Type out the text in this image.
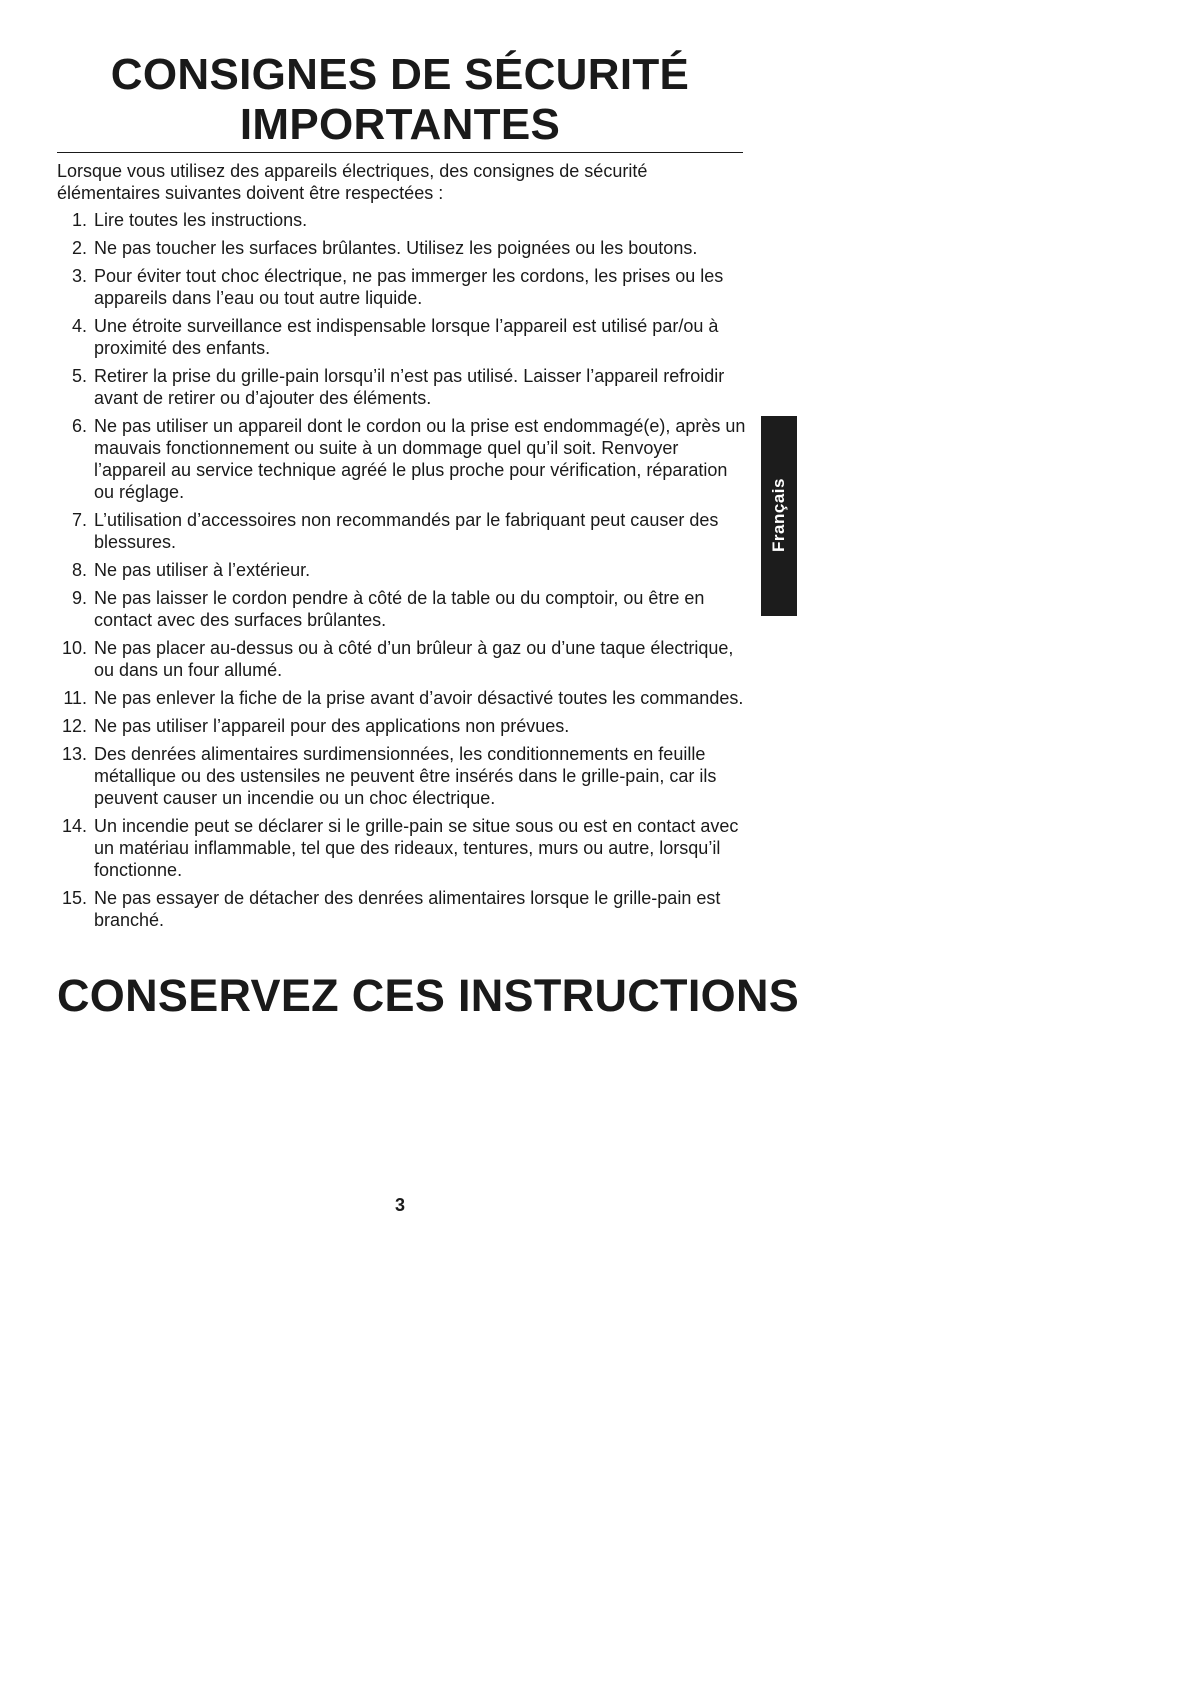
CONSIGNES DE SÉCURITÉ
IMPORTANTES

Lorsque vous utilisez des appareils électriques, des consignes de sécurité élémentaires suivantes doivent être respectées :

1. Lire toutes les instructions.
2. Ne pas toucher les surfaces brûlantes. Utilisez les poignées ou les boutons.
3. Pour éviter tout choc électrique, ne pas immerger les cordons, les prises ou les appareils dans l’eau ou tout autre liquide.
4. Une étroite surveillance est indispensable lorsque l’appareil est utilisé par/ou à proximité des enfants.
5. Retirer la prise du grille-pain lorsqu’il n’est pas utilisé. Laisser l’appareil refroidir avant de retirer ou d’ajouter des éléments.
6. Ne pas utiliser un appareil dont le cordon ou la prise est endommagé(e), après un mauvais fonctionnement ou suite à un dommage quel qu’il soit. Renvoyer l’appareil au service technique agréé le plus proche pour vérification, réparation ou réglage.
7. L’utilisation d’accessoires non recommandés par le fabriquant peut causer des blessures.
8. Ne pas utiliser à l’extérieur.
9. Ne pas laisser le cordon pendre à côté de la table ou du comptoir, ou être en contact avec des surfaces brûlantes.
10. Ne pas placer au-dessus ou à côté d’un brûleur à gaz ou d’une taque électrique, ou dans un four allumé.
11. Ne pas enlever la fiche de la prise avant d’avoir désactivé toutes les commandes.
12. Ne pas utiliser l’appareil pour des applications non prévues.
13. Des denrées alimentaires surdimensionnées, les conditionnements en feuille métallique ou des ustensiles ne peuvent être insérés dans le grille-pain, car ils peuvent causer un incendie ou un choc électrique.
14. Un incendie peut se déclarer si le grille-pain se situe sous ou est en contact avec un matériau inflammable, tel que des rideaux, tentures, murs ou autre, lorsqu’il fonctionne.
15. Ne pas essayer de détacher des denrées alimentaires lorsque le grille-pain est branché.
CONSERVEZ CES INSTRUCTIONS
3
Français
